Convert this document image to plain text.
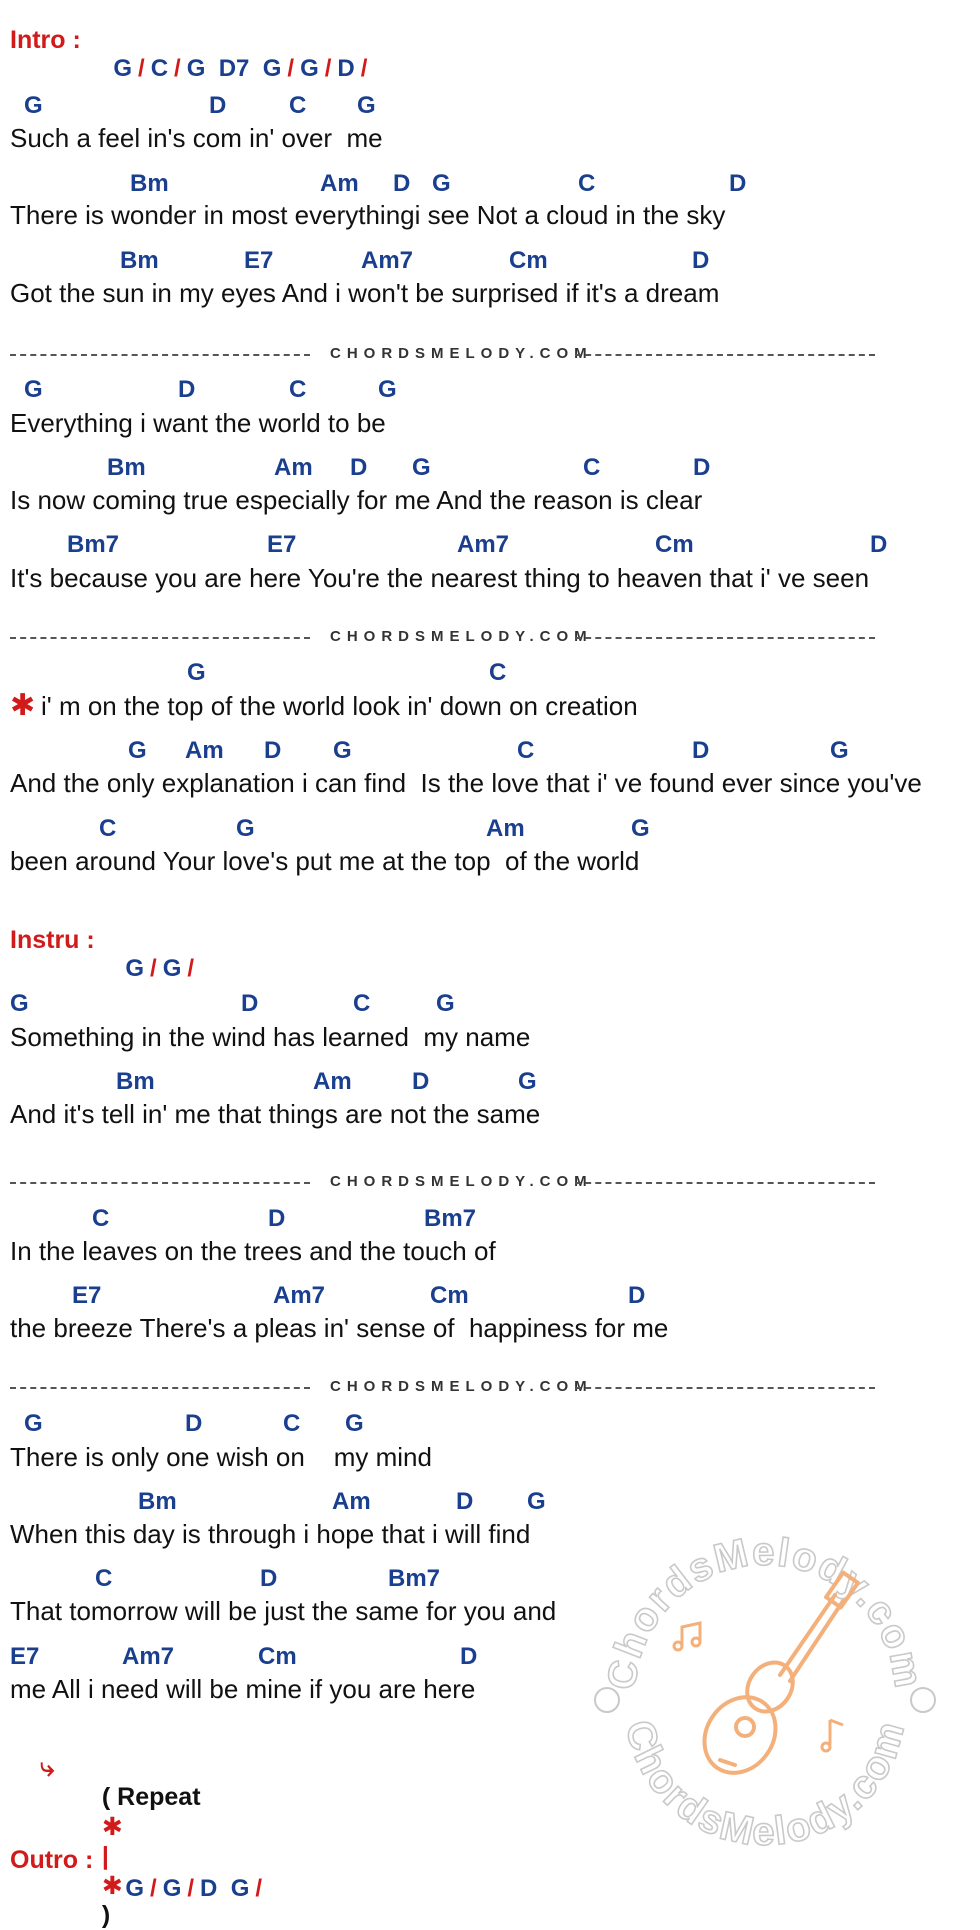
Intro :

G / C / G  D7  G / G / D /

G	D	C G
Such a feel in's com in' over  me
Bm	Am D G	C	D
There is wonder in most everythingi see Not a cloud in the sky
Bm	E7	Am7	Cm	D
Got the sun in my eyes And i won't be surprised if it's a dream
CHORDSMELODY.COM
G	D	C	G
Everything i want the world to be
Bm	Am D G	C	D
Is now coming true especially for me And the reason is clear
Bm7	E7	Am7	Cm	D
It's because you are here You're the nearest thing to heaven that i' ve seen
CHORDSMELODY.COM
G	C
✱ i' m on the top of the world look in' down on creation
G Am D G	C	D	G
And the only explanation i can find  Is the love that i' ve found ever since you've
C	G	Am	G
been around Your love's put me at the top  of the world
Instru :

G / G /

G	D	C	G
Something in the wind has learned  my name
Bm	Am	D	G
And it's tell in' me that things are not the same
CHORDSMELODY.COM
C	D	Bm7
In the leaves on the trees and the touch of
E7	Am7	Cm	D
the breeze There's a pleas in' sense of  happiness for me
CHORDSMELODY.COM
G	D	C G
There is only one wish on    my mind
Bm	Am	D G
When this day is through i hope that i will find
C	D	Bm7
That tomorrow will be just the same for you and
E7	Am7	Cm	D
me All i need will be mine if you are here
⤷

( Repeat
✱
|
✱
)

Outro :

G / G / D  G /

ChordsMelody.com
ChordsMelody.com
